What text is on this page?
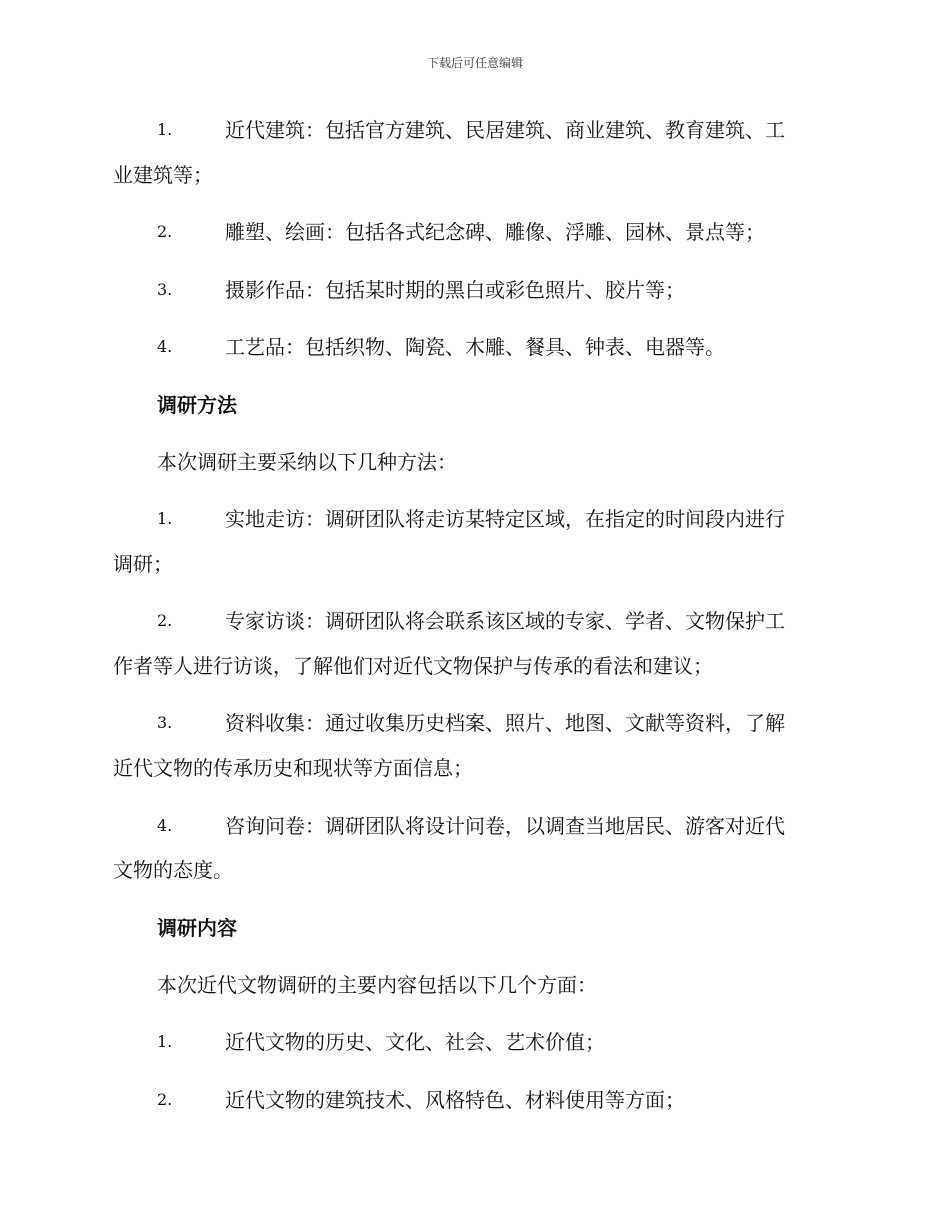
下载后可任意编辑
1.	近代建筑：包括官方建筑、民居建筑、商业建筑、教育建筑、工
业建筑等；
2.	雕塑、绘画：包括各式纪念碑、雕像、浮雕、园林、景点等；
3.	摄影作品：包括某时期的黑白或彩色照片、胶片等；
4.	工艺品：包括织物、陶瓷、木雕、餐具、钟表、电器等。
调研方法
本次调研主要采纳以下几种方法：
1.	实地走访：调研团队将走访某特定区域，在指定的时间段内进行
调研；
2.	专家访谈：调研团队将会联系该区域的专家、学者、文物保护工
作者等人进行访谈，了解他们对近代文物保护与传承的看法和建议；
3.	资料收集：通过收集历史档案、照片、地图、文献等资料，了解
近代文物的传承历史和现状等方面信息；
4.	咨询问卷：调研团队将设计问卷，以调查当地居民、游客对近代
文物的态度。
调研内容
本次近代文物调研的主要内容包括以下几个方面：
1.	近代文物的历史、文化、社会、艺术价值；
2.	近代文物的建筑技术、风格特色、材料使用等方面；
